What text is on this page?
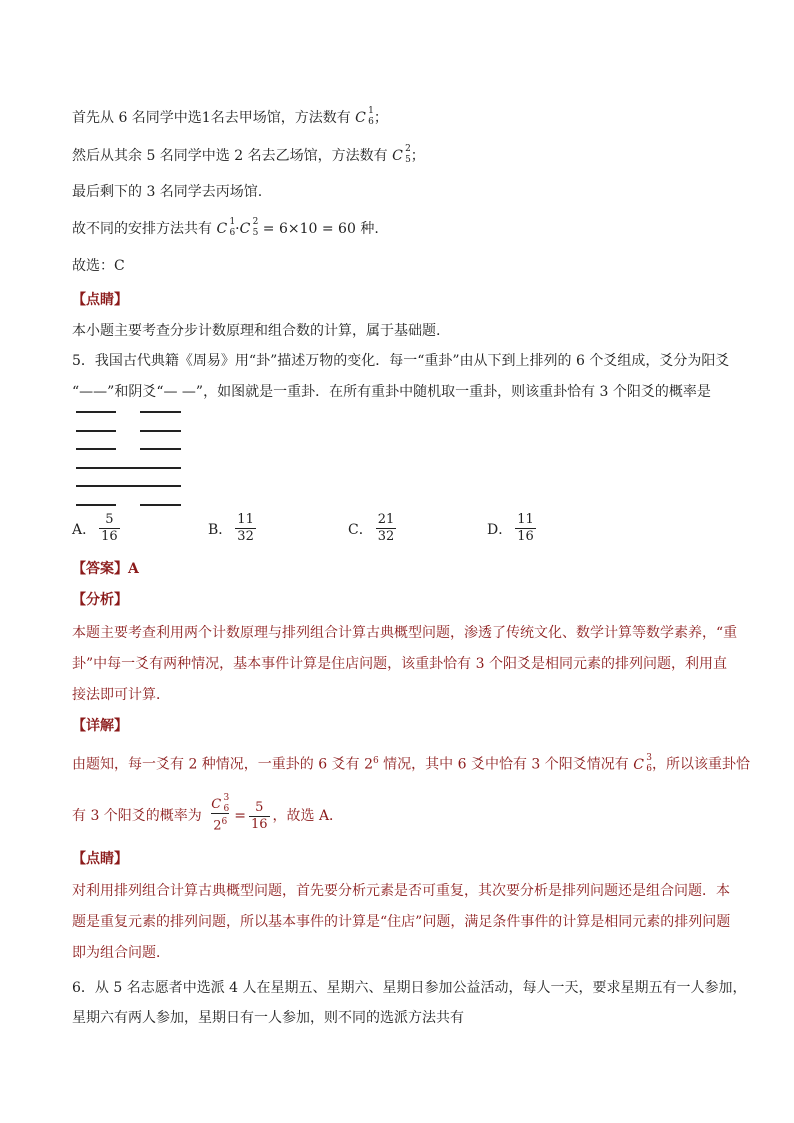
首先从 6 名同学中选1名去甲场馆，方法数有 C 1
6 ；
然后从其余 5 名同学中选 2 名去乙场馆，方法数有 C 2
5 ；
最后剩下的 3 名同学去丙场馆.
故不同的安排方法共有 C 1
6 ·C 2
5 = 6×10 = 60 种.
故选：C
【点睛】
本小题主要考查分步计数原理和组合数的计算，属于基础题.
5．我国古代典籍《周易》用“卦”描述万物的变化．每一“重卦”由从下到上排列的 6 个爻组成，爻分为阳爻
“——”和阴爻“— —”，如图就是一重卦．在所有重卦中随机取一重卦，则该重卦恰有 3 个阳爻的概率是
A． $\frac{5}{16}$	B． $\frac{11}{32}$	C． $\frac{21}{32}$	D． $\frac{11}{16}$
【答案】A
【分析】
本题主要考查利用两个计数原理与排列组合计算古典概型问题，渗透了传统文化、数学计算等数学素养，“重
卦”中每一爻有两种情况，基本事件计算是住店问题，该重卦恰有 3 个阳爻是相同元素的排列问题，利用直
接法即可计算．
【详解】
由题知，每一爻有 2 种情况，一重卦的 6 爻有 $2^6$ 情况，其中 6 爻中恰有 3 个阳爻情况有 C 3
6 ，所以该重卦恰
有 3 个阳爻的概率为 C 3
6
$2^6 = \frac{5}{16}$ ，故选 A．
【点睛】
对利用排列组合计算古典概型问题，首先要分析元素是否可重复，其次要分析是排列问题还是组合问题．本
题是重复元素的排列问题，所以基本事件的计算是“住店”问题，满足条件事件的计算是相同元素的排列问题
即为组合问题．
6．从 5 名志愿者中选派 4 人在星期五、星期六、星期日参加公益活动，每人一天，要求星期五有一人参加，
星期六有两人参加，星期日有一人参加，则不同的选派方法共有
